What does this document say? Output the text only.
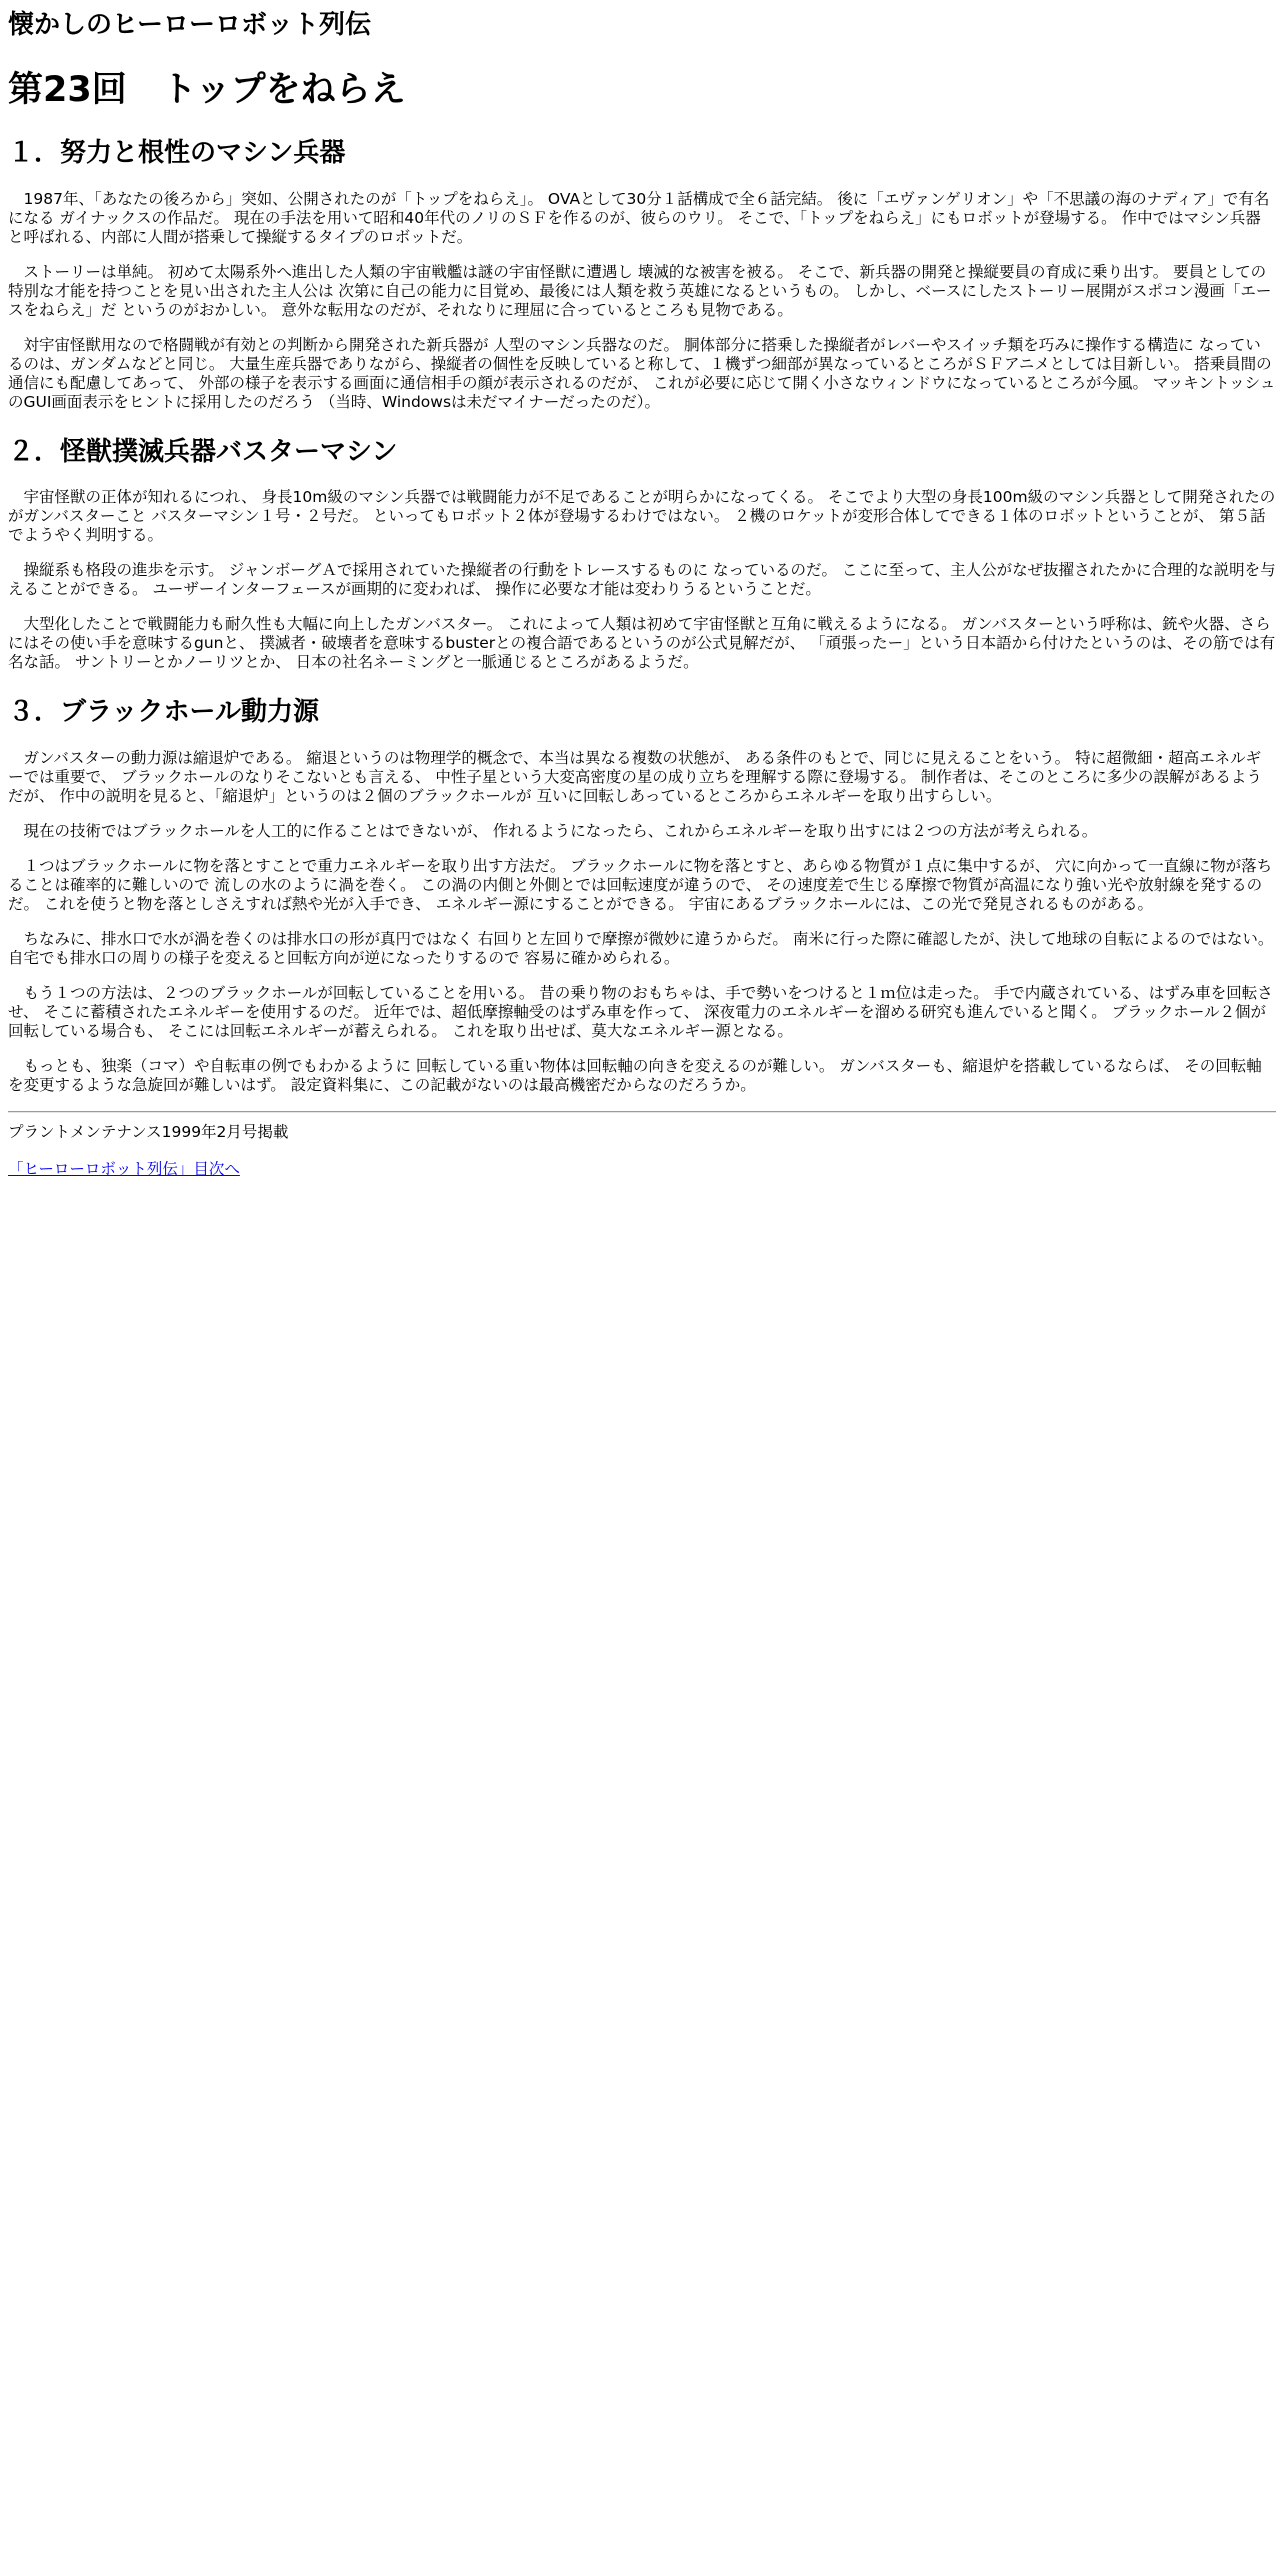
懐かしのヒーローロボット列伝
第23回　トップをねらえ
１．努力と根性のマシン兵器

1987年、「あなたの後ろから」突如、公開されたのが「トップをねらえ」。 OVAとして30分１話構成で全６話完結。 後に「エヴァンゲリオン」や「不思議の海のナディア」で有名になる ガイナックスの作品だ。 現在の手法を用いて昭和40年代のノリのＳＦを作るのが、彼らのウリ。 そこで、「トップをねらえ」にもロボットが登場する。 作中ではマシン兵器と呼ばれる、内部に人間が搭乗して操縦するタイプのロボットだ。

ストーリーは単純。 初めて太陽系外へ進出した人類の宇宙戦艦は謎の宇宙怪獣に遭遇し 壊滅的な被害を被る。 そこで、新兵器の開発と操縦要員の育成に乗り出す。 要員としての特別な才能を持つことを見い出された主人公は 次第に自己の能力に目覚め、最後には人類を救う英雄になるというもの。 しかし、ベースにしたストーリー展開がスポコン漫画「エースをねらえ」だ というのがおかしい。 意外な転用なのだが、それなりに理屈に合っているところも見物である。

対宇宙怪獣用なので格闘戦が有効との判断から開発された新兵器が 人型のマシン兵器なのだ。 胴体部分に搭乗した操縦者がレバーやスイッチ類を巧みに操作する構造に なっているのは、ガンダムなどと同じ。 大量生産兵器でありながら、操縦者の個性を反映していると称して、１機ずつ細部が異なっているところがＳＦアニメとしては目新しい。 搭乗員間の通信にも配慮してあって、 外部の様子を表示する画面に通信相手の顔が表示されるのだが、 これが必要に応じて開く小さなウィンドウになっているところが今風。 マッキントッシュのGUI画面表示をヒントに採用したのだろう （当時、Windowsは未だマイナーだったのだ）。

２．怪獣撲滅兵器バスターマシン

宇宙怪獣の正体が知れるにつれ、 身長10m級のマシン兵器では戦闘能力が不足であることが明らかになってくる。 そこでより大型の身長100m級のマシン兵器として開発されたのがガンバスターこと バスターマシン１号・２号だ。 といってもロボット２体が登場するわけではない。 ２機のロケットが変形合体してできる１体のロボットということが、 第５話でようやく判明する。

操縦系も格段の進歩を示す。 ジャンボーグＡで採用されていた操縦者の行動をトレースするものに なっているのだ。 ここに至って、主人公がなぜ抜擢されたかに合理的な説明を与えることができる。 ユーザーインターフェースが画期的に変われば、 操作に必要な才能は変わりうるということだ。

大型化したことで戦闘能力も耐久性も大幅に向上したガンバスター。 これによって人類は初めて宇宙怪獣と互角に戦えるようになる。 ガンバスターという呼称は、銃や火器、さらにはその使い手を意味するgunと、 撲滅者・破壊者を意味するbusterとの複合語であるというのが公式見解だが、 「頑張ったー」という日本語から付けたというのは、その筋では有名な話。 サントリーとかノーリツとか、 日本の社名ネーミングと一脈通じるところがあるようだ。

３．ブラックホール動力源

ガンバスターの動力源は縮退炉である。 縮退というのは物理学的概念で、本当は異なる複数の状態が、 ある条件のもとで、同じに見えることをいう。 特に超微細・超高エネルギーでは重要で、 ブラックホールのなりそこないとも言える、 中性子星という大変高密度の星の成り立ちを理解する際に登場する。 制作者は、そこのところに多少の誤解があるようだが、 作中の説明を見ると、「縮退炉」というのは２個のブラックホールが 互いに回転しあっているところからエネルギーを取り出すらしい。

現在の技術ではブラックホールを人工的に作ることはできないが、 作れるようになったら、これからエネルギーを取り出すには２つの方法が考えられる。

１つはブラックホールに物を落とすことで重力エネルギーを取り出す方法だ。 ブラックホールに物を落とすと、あらゆる物質が１点に集中するが、 穴に向かって一直線に物が落ちることは確率的に難しいので 流しの水のように渦を巻く。 この渦の内側と外側とでは回転速度が違うので、 その速度差で生じる摩擦で物質が高温になり強い光や放射線を発するのだ。 これを使うと物を落としさえすれば熱や光が入手でき、 エネルギー源にすることができる。 宇宙にあるブラックホールには、この光で発見されるものがある。

ちなみに、排水口で水が渦を巻くのは排水口の形が真円ではなく 右回りと左回りで摩擦が微妙に違うからだ。 南米に行った際に確認したが、決して地球の自転によるのではない。 自宅でも排水口の周りの様子を変えると回転方向が逆になったりするので 容易に確かめられる。

もう１つの方法は、２つのブラックホールが回転していることを用いる。 昔の乗り物のおもちゃは、手で勢いをつけると１ｍ位は走った。 手で内蔵されている、はずみ車を回転させ、 そこに蓄積されたエネルギーを使用するのだ。 近年では、超低摩擦軸受のはずみ車を作って、 深夜電力のエネルギーを溜める研究も進んでいると聞く。 ブラックホール２個が回転している場合も、 そこには回転エネルギーが蓄えられる。 これを取り出せば、莫大なエネルギー源となる。

もっとも、独楽（コマ）や自転車の例でもわかるように 回転している重い物体は回転軸の向きを変えるのが難しい。 ガンバスターも、縮退炉を搭載しているならば、 その回転軸を変更するような急旋回が難しいはず。 設定資料集に、この記載がないのは最高機密だからなのだろうか。

プラントメンテナンス1999年2月号掲載

「ヒーローロボット列伝」目次へ
